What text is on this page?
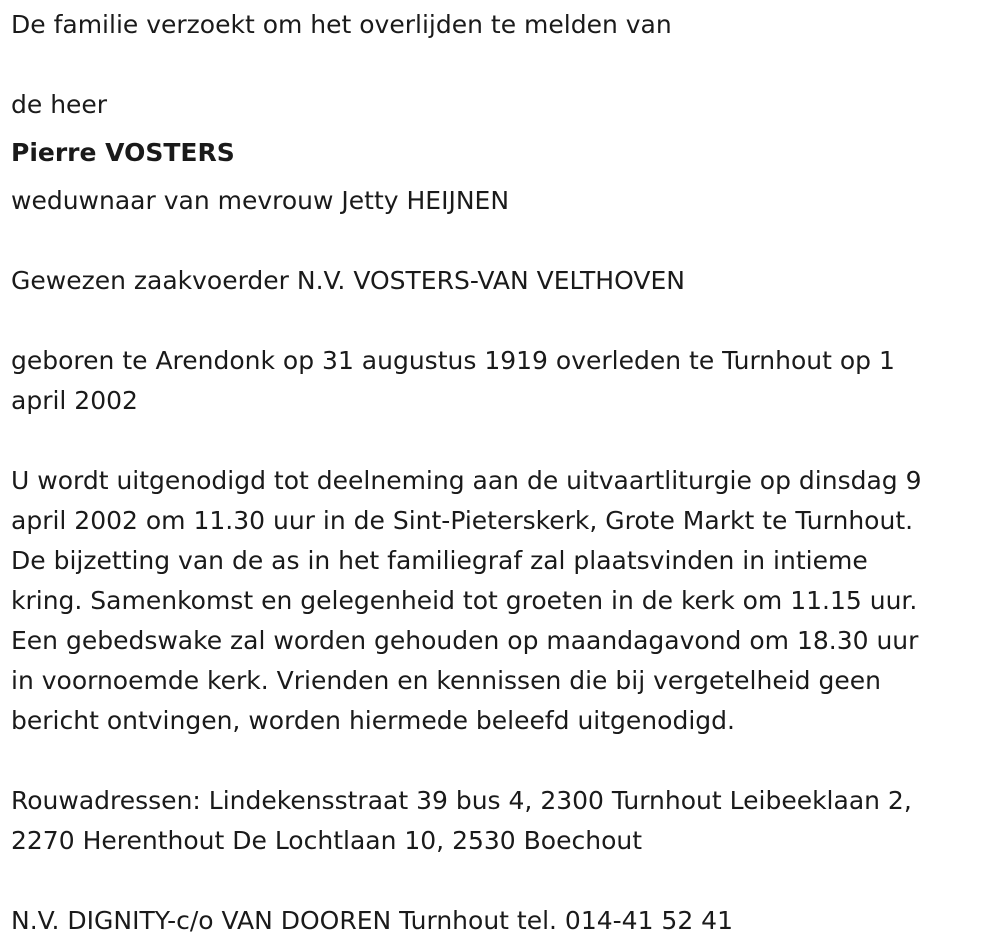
De familie verzoekt om het overlijden te melden van

de heer

Pierre VOSTERS

weduwnaar van mevrouw Jetty HEIJNEN

Gewezen zaakvoerder N.V. VOSTERS-VAN VELTHOVEN

geboren te Arendonk op 31 augustus 1919 overleden te Turnhout op 1

april 2002

U wordt uitgenodigd tot deelneming aan de uitvaartliturgie op dinsdag 9

april 2002 om 11.30 uur in de Sint-Pieterskerk, Grote Markt te Turnhout.

De bijzetting van de as in het familiegraf zal plaatsvinden in intieme

kring. Samenkomst en gelegenheid tot groeten in de kerk om 11.15 uur.

Een gebedswake zal worden gehouden op maandagavond om 18.30 uur

in voornoemde kerk. Vrienden en kennissen die bij vergetelheid geen

bericht ontvingen, worden hiermede beleefd uitgenodigd.

Rouwadressen: Lindekensstraat 39 bus 4, 2300 Turnhout Leibeeklaan 2,

2270 Herenthout De Lochtlaan 10, 2530 Boechout

N.V. DIGNITY-c/o VAN DOOREN Turnhout tel. 014-41 52 41
